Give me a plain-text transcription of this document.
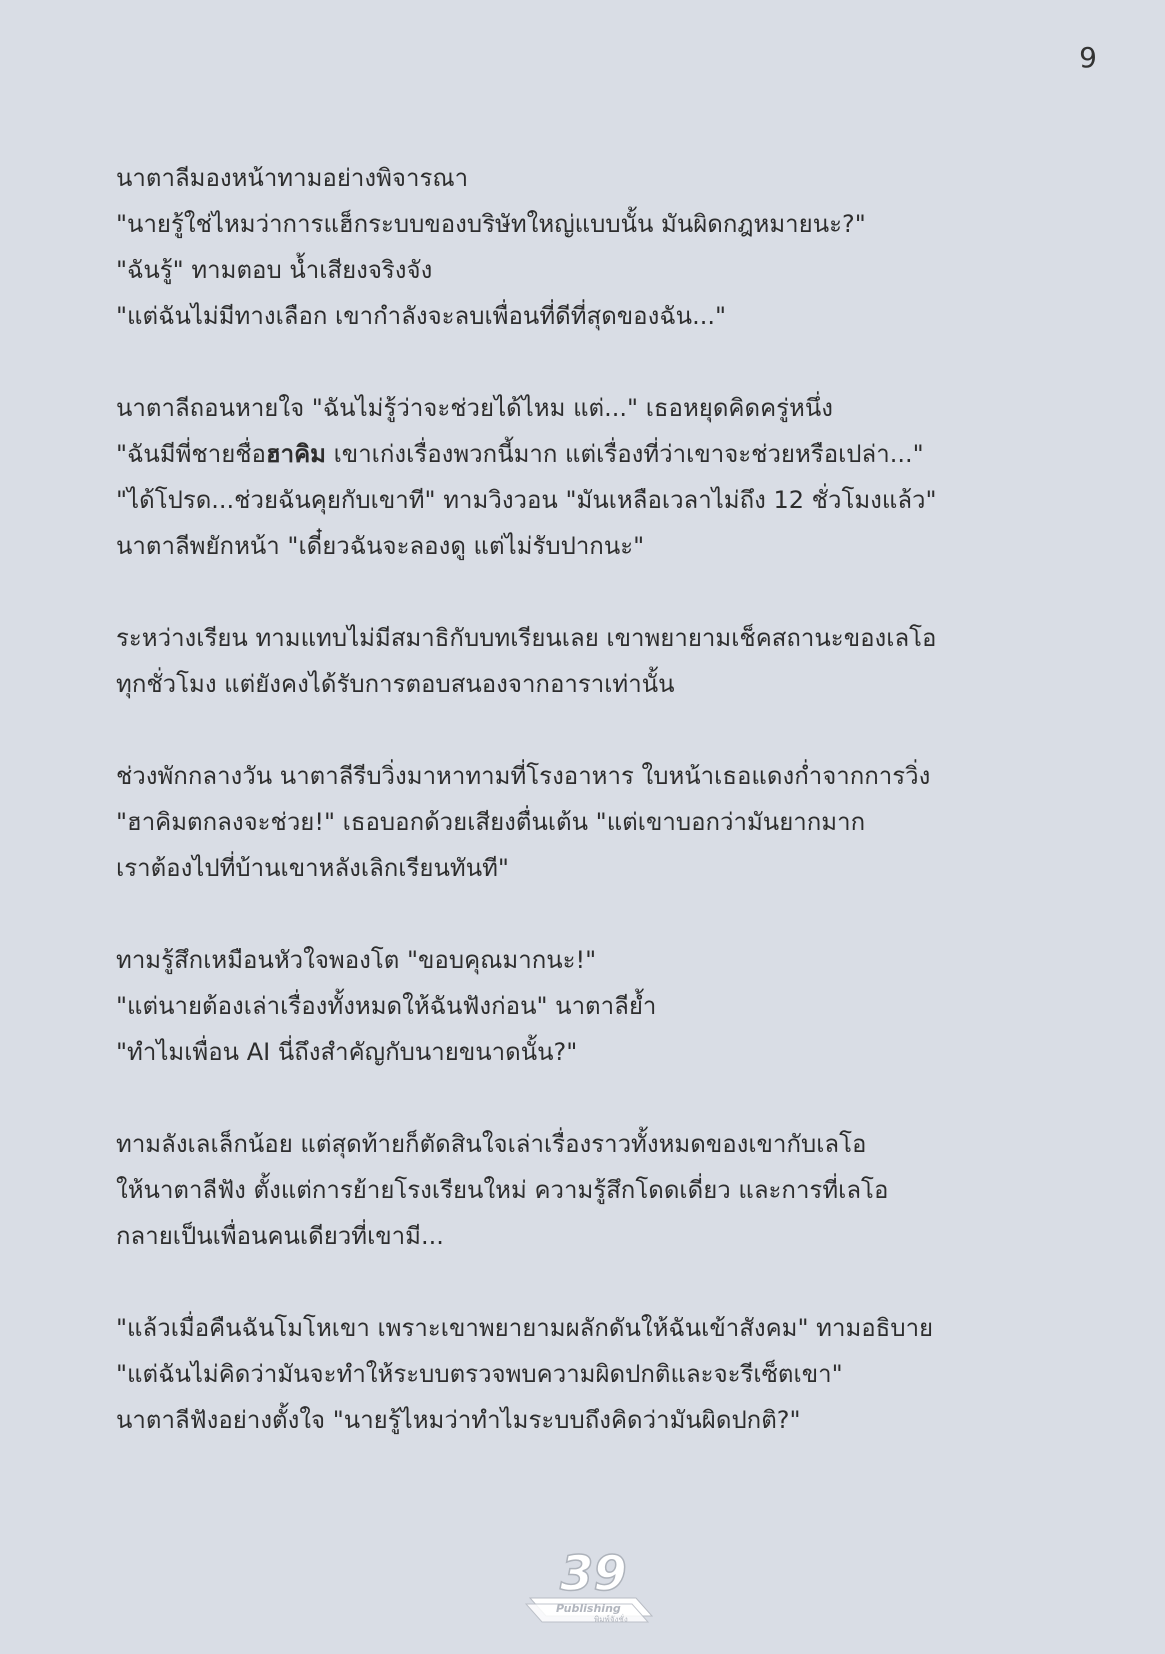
9
นาตาลีมองหน้าทามอย่างพิจารณา
"นายรู้ใช่ไหมว่าการแฮ็กระบบของบริษัทใหญ่แบบนั้น มันผิดกฎหมายนะ?"
"ฉันรู้" ทามตอบ น้ำเสียงจริงจัง
"แต่ฉันไม่มีทางเลือก เขากำลังจะลบเพื่อนที่ดีที่สุดของฉัน..."
นาตาลีถอนหายใจ "ฉันไม่รู้ว่าจะช่วยได้ไหม แต่..." เธอหยุดคิดครู่หนึ่ง
"ฉันมีพี่ชายชื่อฮาคิม เขาเก่งเรื่องพวกนี้มาก แต่เรื่องที่ว่าเขาจะช่วยหรือเปล่า..."
"ได้โปรด...ช่วยฉันคุยกับเขาที" ทามวิงวอน "มันเหลือเวลาไม่ถึง 12 ชั่วโมงแล้ว"
นาตาลีพยักหน้า "เดี๋ยวฉันจะลองดู แต่ไม่รับปากนะ"
ระหว่างเรียน ทามแทบไม่มีสมาธิกับบทเรียนเลย เขาพยายามเช็คสถานะของเลโอ
ทุกชั่วโมง แต่ยังคงได้รับการตอบสนองจากอาราเท่านั้น
ช่วงพักกลางวัน นาตาลีรีบวิ่งมาหาทามที่โรงอาหาร ใบหน้าเธอแดงก่ำจากการวิ่ง
"ฮาคิมตกลงจะช่วย!" เธอบอกด้วยเสียงตื่นเต้น "แต่เขาบอกว่ามันยากมาก
เราต้องไปที่บ้านเขาหลังเลิกเรียนทันที"
ทามรู้สึกเหมือนหัวใจพองโต "ขอบคุณมากนะ!"
"แต่นายต้องเล่าเรื่องทั้งหมดให้ฉันฟังก่อน" นาตาลีย้ำ
"ทำไมเพื่อน AI นี่ถึงสำคัญกับนายขนาดนั้น?"
ทามลังเลเล็กน้อย แต่สุดท้ายก็ตัดสินใจเล่าเรื่องราวทั้งหมดของเขากับเลโอ
ให้นาตาลีฟัง ตั้งแต่การย้ายโรงเรียนใหม่ ความรู้สึกโดดเดี่ยว และการที่เลโอ
กลายเป็นเพื่อนคนเดียวที่เขามี...
"แล้วเมื่อคืนฉันโมโหเขา เพราะเขาพยายามผลักดันให้ฉันเข้าสังคม" ทามอธิบาย
"แต่ฉันไม่คิดว่ามันจะทำให้ระบบตรวจพบความผิดปกติและจะรีเซ็ตเขา"
นาตาลีฟังอย่างตั้งใจ "นายรู้ไหมว่าทำไมระบบถึงคิดว่ามันผิดปกติ?"
39
Publishing
พิมพ์จังชั่ง
